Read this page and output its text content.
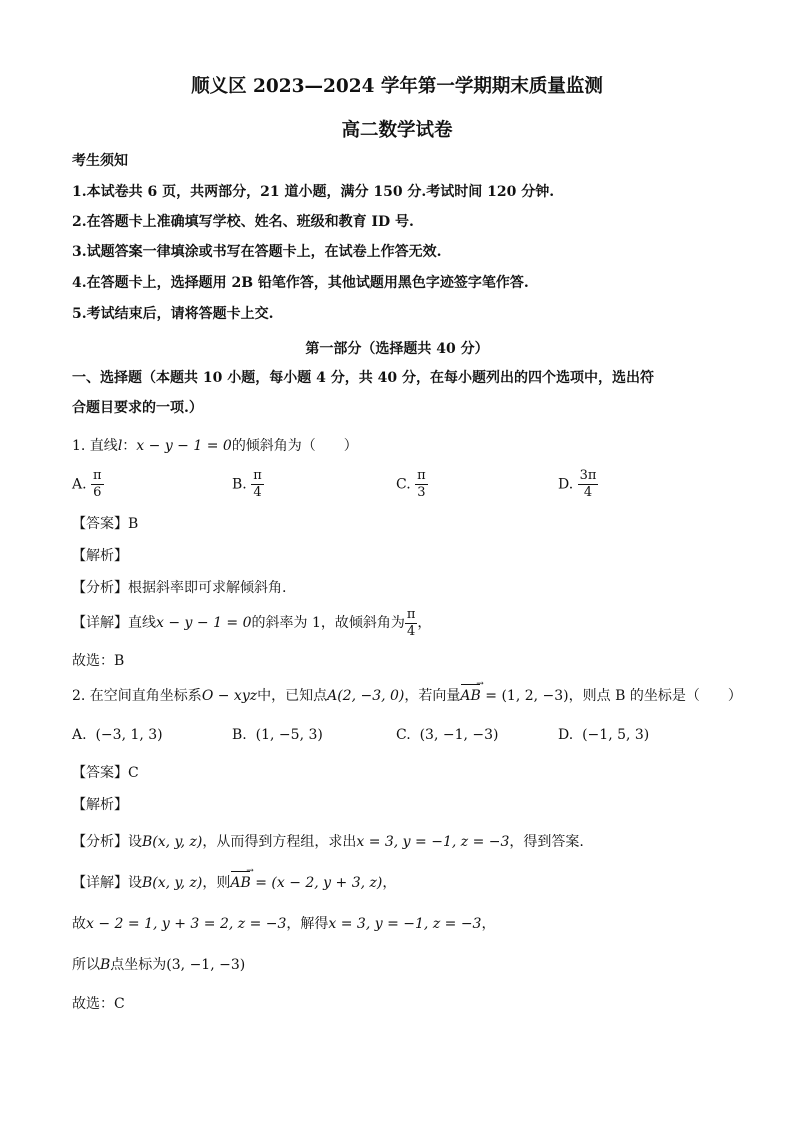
顺义区 2023—2024 学年第一学期期末质量监测
高二数学试卷
考生须知
1.本试卷共 6 页，共两部分，21 道小题，满分 150 分.考试时间 120 分钟.
2.在答题卡上准确填写学校、姓名、班级和教育 ID 号.
3.试题答案一律填涂或书写在答题卡上，在试卷上作答无效.
4.在答题卡上，选择题用 2B 铅笔作答，其他试题用黑色字迹签字笔作答.
5.考试结束后，请将答题卡上交.
第一部分（选择题共 40 分）
一、选择题（本题共 10 小题，每小题 4 分，共 40 分，在每小题列出的四个选项中，选出符
合题目要求的一项.）
1. 直线l：x − y − 1 = 0的倾斜角为（　　）
A. $\frac{\pi}{6}$	B. $\frac{\pi}{4}$	C. $\frac{\pi}{3}$	D. $\frac{3\pi}{4}$
【答案】B
【解析】
【分析】根据斜率即可求解倾斜角.
【详解】直线x − y − 1 = 0的斜率为 1，故倾斜角为 $\frac{\pi}{4}$ ，
故选：B
2. 在空间直角坐标系O − xyz中，已知点A(2, −3, 0)，若向量AB → = (1, 2, −3)，则点 B 的坐标是（　　）
A. (−3, 1, 3)	B. (1, −5, 3)	C. (3, −1, −3)	D. (−1, 5, 3)
【答案】C
【解析】
【分析】设B(x, y, z)，从而得到方程组，求出x = 3, y = −1, z = −3，得到答案.
【详解】设B(x, y, z)，则AB → = (x − 2, y + 3, z)，
故x − 2 = 1, y + 3 = 2, z = −3，解得x = 3, y = −1, z = −3，
所以B点坐标为(3, −1, −3)
故选：C
